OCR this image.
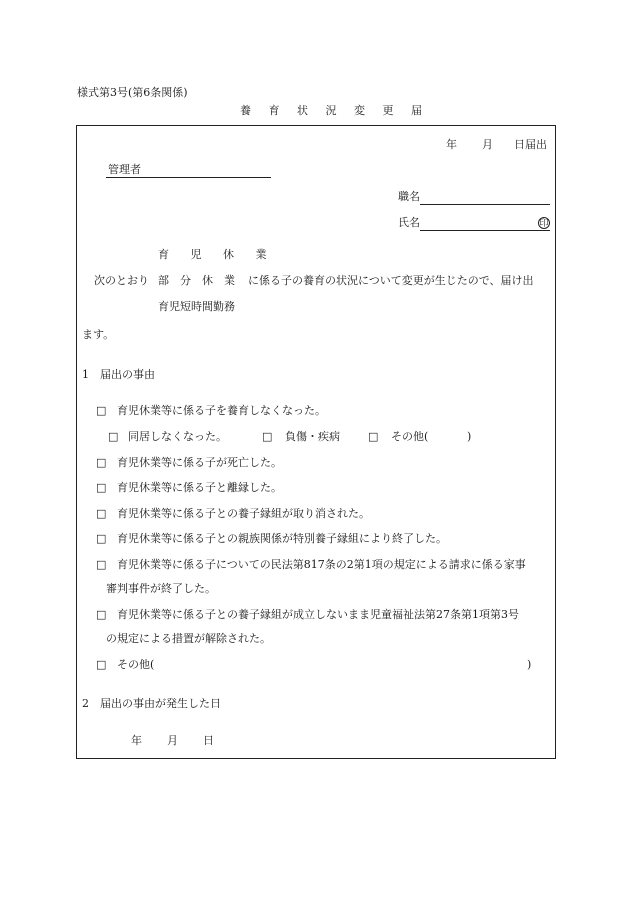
様式第3号(第6条関係)
養 育 状 況 変 更 届
年 月 日届出
管理者
職名
氏名	印
育 児 休 業
次のとおり 部　分　休　業 に係る子の養育の状況について変更が生じたので、届け出
育児短時間勤務
ます。
1　届出の事由
□ 育児休業等に係る子を養育しなくなった。
□ 同居しなくなった。	□ 負傷・疾病	□ その他(	)
□ 育児休業等に係る子が死亡した。
□ 育児休業等に係る子と離縁した。
□ 育児休業等に係る子との養子縁組が取り消された。
□ 育児休業等に係る子との親族関係が特別養子縁組により終了した。
□ 育児休業等に係る子についての民法第817条の2第1項の規定による請求に係る家事
審判事件が終了した。
□ 育児休業等に係る子との養子縁組が成立しないまま児童福祉法第27条第1項第3号
の規定による措置が解除された。
□ その他(	)
2　届出の事由が発生した日
年 月 日
